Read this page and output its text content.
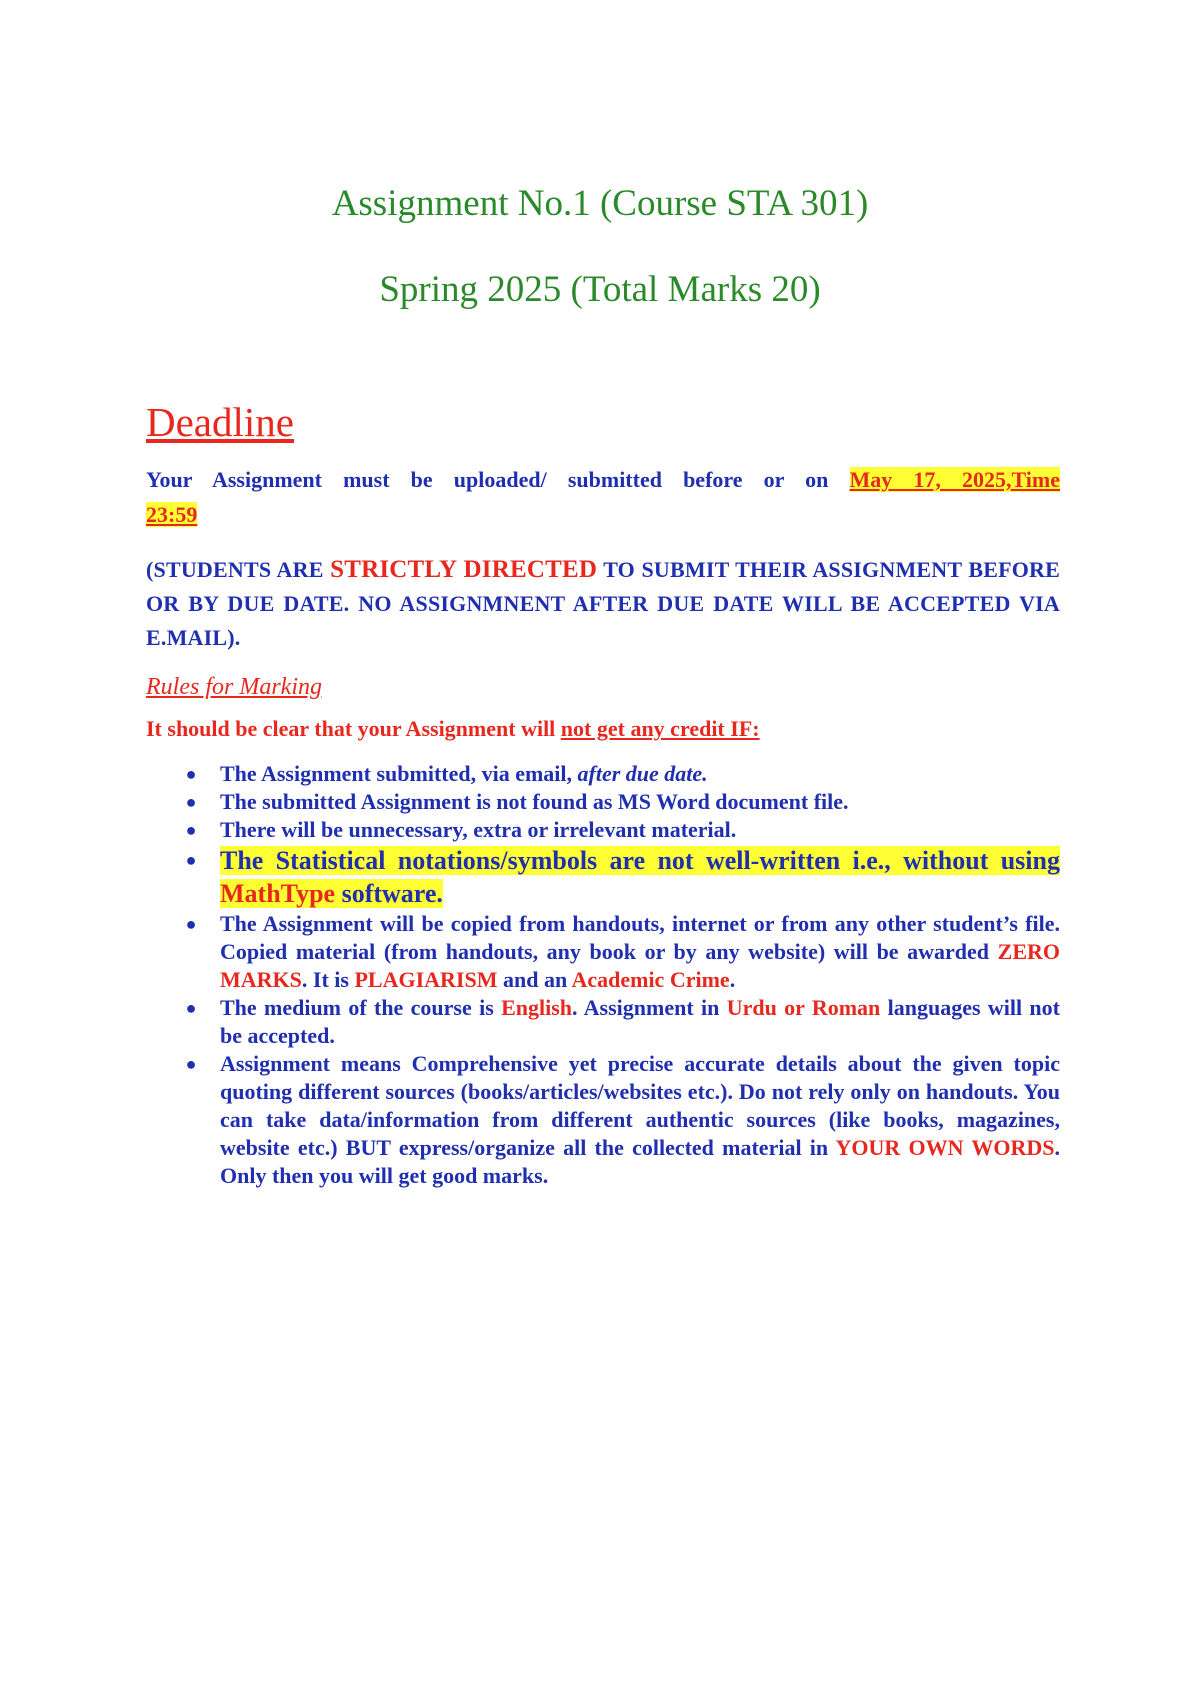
Assignment No.1 (Course STA 301)
Spring 2025 (Total Marks 20)
Deadline

Your Assignment must be uploaded/ submitted before or on May 17, 2025,Time

23:59

(STUDENTS ARE STRICTLY DIRECTED TO SUBMIT THEIR ASSIGNMENT BEFORE OR BY DUE DATE. NO ASSIGNMNENT AFTER DUE DATE WILL BE ACCEPTED VIA E.MAIL).

Rules for Marking

It should be clear that your Assignment will not get any credit IF:

● The Assignment submitted, via email, after due date.
● The submitted Assignment is not found as MS Word document file.
● There will be unnecessary, extra or irrelevant material.
● The Statistical notations/symbols are not well-written i.e., without using MathType software.
● The Assignment will be copied from handouts, internet or from any other student’s file. Copied material (from handouts, any book or by any website) will be awarded ZERO MARKS. It is PLAGIARISM and an Academic Crime.
● The medium of the course is English. Assignment in Urdu or Roman languages will not be accepted.
● Assignment means Comprehensive yet precise accurate details about the given topic quoting different sources (books/articles/websites etc.). Do not rely only on handouts. You can take data/information from different authentic sources (like books, magazines, website etc.) BUT express/organize all the collected material in YOUR OWN WORDS. Only then you will get good marks.
